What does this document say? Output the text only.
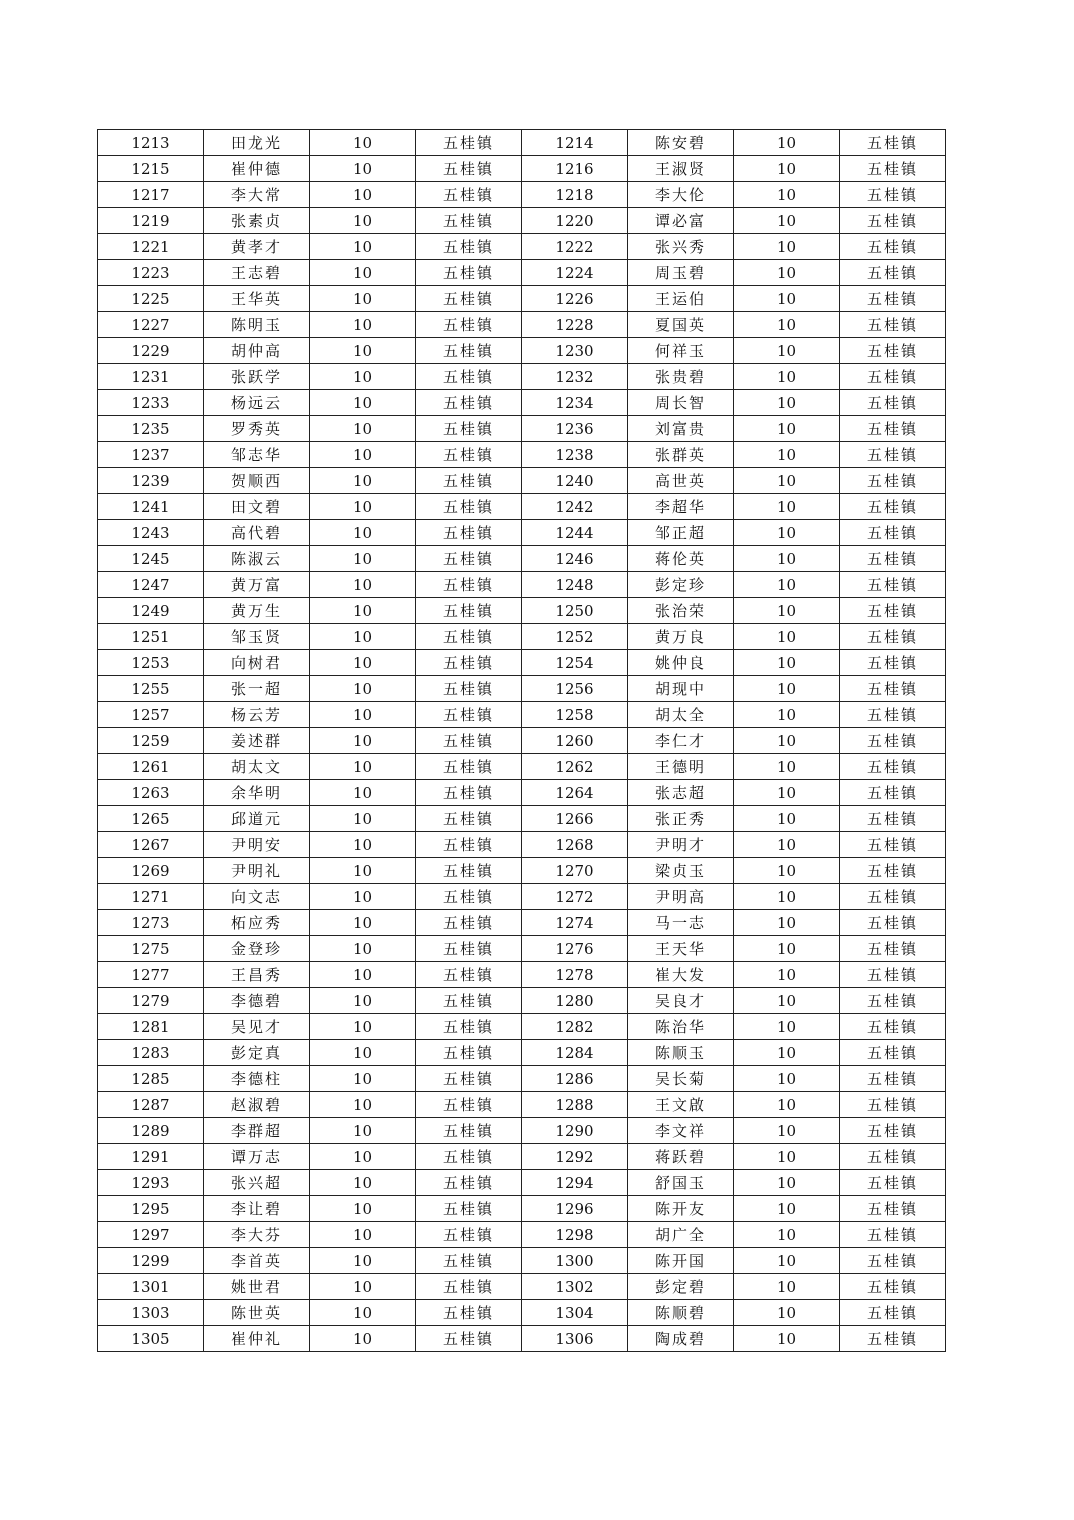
1213	田龙光	10	五桂镇	1214	陈安碧	10	五桂镇
1215	崔仲德	10	五桂镇	1216	王淑贤	10	五桂镇
1217	李大常	10	五桂镇	1218	李大伦	10	五桂镇
1219	张素贞	10	五桂镇	1220	谭必富	10	五桂镇
1221	黄孝才	10	五桂镇	1222	张兴秀	10	五桂镇
1223	王志碧	10	五桂镇	1224	周玉碧	10	五桂镇
1225	王华英	10	五桂镇	1226	王运伯	10	五桂镇
1227	陈明玉	10	五桂镇	1228	夏国英	10	五桂镇
1229	胡仲高	10	五桂镇	1230	何祥玉	10	五桂镇
1231	张跃学	10	五桂镇	1232	张贵碧	10	五桂镇
1233	杨远云	10	五桂镇	1234	周长智	10	五桂镇
1235	罗秀英	10	五桂镇	1236	刘富贵	10	五桂镇
1237	邹志华	10	五桂镇	1238	张群英	10	五桂镇
1239	贺顺西	10	五桂镇	1240	高世英	10	五桂镇
1241	田文碧	10	五桂镇	1242	李超华	10	五桂镇
1243	高代碧	10	五桂镇	1244	邹正超	10	五桂镇
1245	陈淑云	10	五桂镇	1246	蒋伦英	10	五桂镇
1247	黄万富	10	五桂镇	1248	彭定珍	10	五桂镇
1249	黄万生	10	五桂镇	1250	张治荣	10	五桂镇
1251	邹玉贤	10	五桂镇	1252	黄万良	10	五桂镇
1253	向树君	10	五桂镇	1254	姚仲良	10	五桂镇
1255	张一超	10	五桂镇	1256	胡现中	10	五桂镇
1257	杨云芳	10	五桂镇	1258	胡太全	10	五桂镇
1259	姜述群	10	五桂镇	1260	李仁才	10	五桂镇
1261	胡太文	10	五桂镇	1262	王德明	10	五桂镇
1263	余华明	10	五桂镇	1264	张志超	10	五桂镇
1265	邱道元	10	五桂镇	1266	张正秀	10	五桂镇
1267	尹明安	10	五桂镇	1268	尹明才	10	五桂镇
1269	尹明礼	10	五桂镇	1270	梁贞玉	10	五桂镇
1271	向文志	10	五桂镇	1272	尹明高	10	五桂镇
1273	柘应秀	10	五桂镇	1274	马一志	10	五桂镇
1275	金登珍	10	五桂镇	1276	王天华	10	五桂镇
1277	王昌秀	10	五桂镇	1278	崔大发	10	五桂镇
1279	李德碧	10	五桂镇	1280	吴良才	10	五桂镇
1281	吴见才	10	五桂镇	1282	陈治华	10	五桂镇
1283	彭定真	10	五桂镇	1284	陈顺玉	10	五桂镇
1285	李德柱	10	五桂镇	1286	吴长菊	10	五桂镇
1287	赵淑碧	10	五桂镇	1288	王文啟	10	五桂镇
1289	李群超	10	五桂镇	1290	李文祥	10	五桂镇
1291	谭万志	10	五桂镇	1292	蒋跃碧	10	五桂镇
1293	张兴超	10	五桂镇	1294	舒国玉	10	五桂镇
1295	李让碧	10	五桂镇	1296	陈开友	10	五桂镇
1297	李大芬	10	五桂镇	1298	胡广全	10	五桂镇
1299	李首英	10	五桂镇	1300	陈开国	10	五桂镇
1301	姚世君	10	五桂镇	1302	彭定碧	10	五桂镇
1303	陈世英	10	五桂镇	1304	陈顺碧	10	五桂镇
1305	崔仲礼	10	五桂镇	1306	陶成碧	10	五桂镇
